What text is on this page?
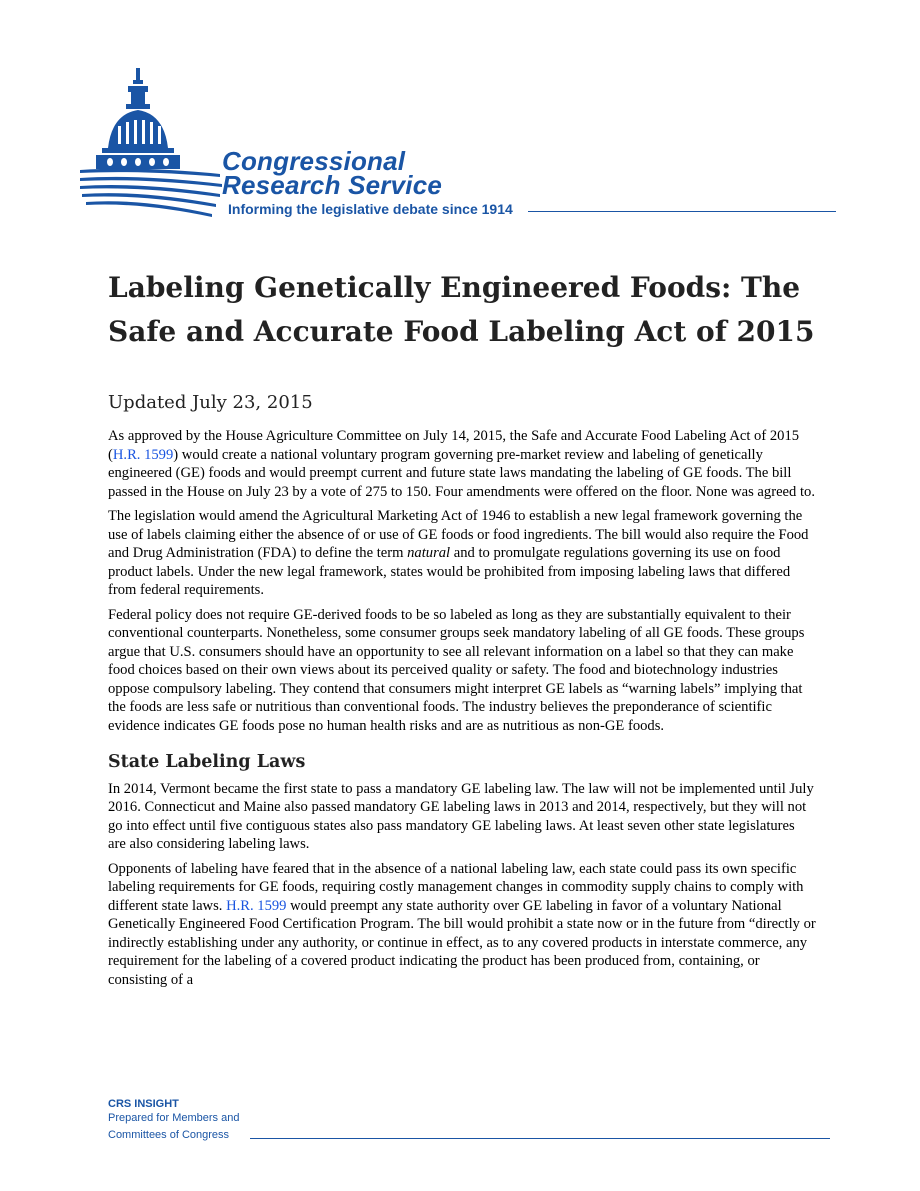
Congressional
Research Service
Informing the legislative debate since 1914
Labeling Genetically Engineered Foods: The Safe and Accurate Food Labeling Act of 2015
Updated July 23, 2015

As approved by the House Agriculture Committee on July 14, 2015, the Safe and Accurate Food Labeling Act of 2015 (H.R. 1599) would create a national voluntary program governing pre-market review and labeling of genetically engineered (GE) foods and would preempt current and future state laws mandating the labeling of GE foods. The bill passed in the House on July 23 by a vote of 275 to 150. Four amendments were offered on the floor. None was agreed to.

The legislation would amend the Agricultural Marketing Act of 1946 to establish a new legal framework governing the use of labels claiming either the absence of or use of GE foods or food ingredients. The bill would also require the Food and Drug Administration (FDA) to define the term natural and to promulgate regulations governing its use on food product labels. Under the new legal framework, states would be prohibited from imposing labeling laws that differed from federal requirements.

Federal policy does not require GE-derived foods to be so labeled as long as they are substantially equivalent to their conventional counterparts. Nonetheless, some consumer groups seek mandatory labeling of all GE foods. These groups argue that U.S. consumers should have an opportunity to see all relevant information on a label so that they can make food choices based on their own views about its perceived quality or safety. The food and biotechnology industries oppose compulsory labeling. They contend that consumers might interpret GE labels as “warning labels” implying that the foods are less safe or nutritious than conventional foods. The industry believes the preponderance of scientific evidence indicates GE foods pose no human health risks and are as nutritious as non-GE foods.

State Labeling Laws

In 2014, Vermont became the first state to pass a mandatory GE labeling law. The law will not be implemented until July 2016. Connecticut and Maine also passed mandatory GE labeling laws in 2013 and 2014, respectively, but they will not go into effect until five contiguous states also pass mandatory GE labeling laws. At least seven other state legislatures are also considering labeling laws.

Opponents of labeling have feared that in the absence of a national labeling law, each state could pass its own specific labeling requirements for GE foods, requiring costly management changes in commodity supply chains to comply with different state laws. H.R. 1599 would preempt any state authority over GE labeling in favor of a voluntary National Genetically Engineered Food Certification Program. The bill would prohibit a state now or in the future from “directly or indirectly establishing under any authority, or continue in effect, as to any covered products in interstate commerce, any requirement for the labeling of a covered product indicating the product has been produced from, containing, or consisting of a

CRS INSIGHT
Prepared for Members and
Committees of Congress
